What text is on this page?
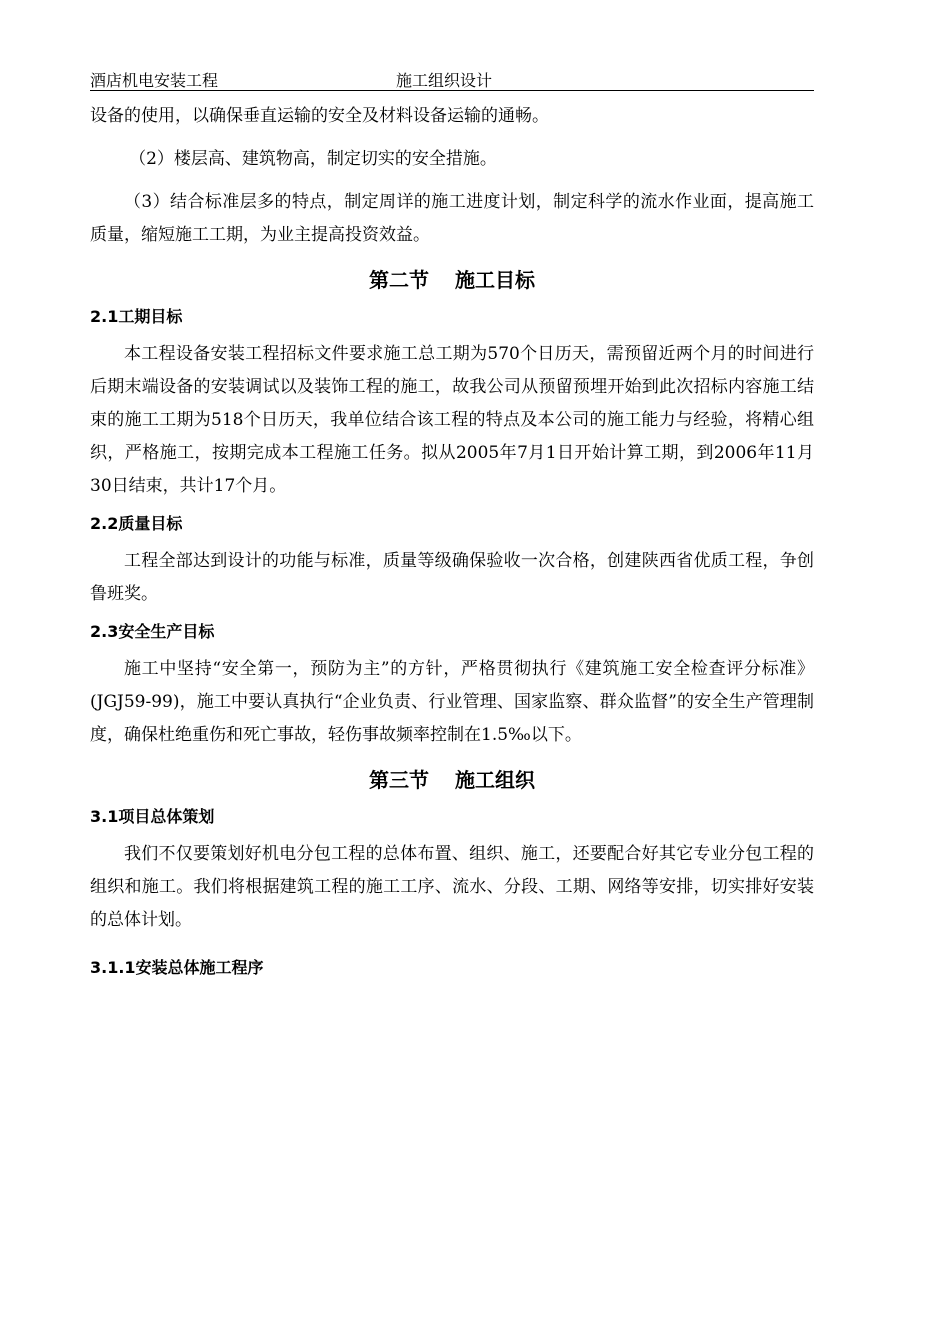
酒店机电安装工程	施工组织设计

设备的使用，以确保垂直运输的安全及材料设备运输的通畅。

（2）楼层高、建筑物高，制定切实的安全措施。

（3）结合标准层多的特点，制定周详的施工进度计划，制定科学的流水作业面，提高施工质量，缩短施工工期，为业主提高投资效益。

第二节 施工目标
2.1工期目标

本工程设备安装工程招标文件要求施工总工期为570个日历天，需预留近两个月的时间进行后期末端设备的安装调试以及装饰工程的施工，故我公司从预留预埋开始到此次招标内容施工结束的施工工期为518个日历天，我单位结合该工程的特点及本公司的施工能力与经验，将精心组织，严格施工，按期完成本工程施工任务。拟从2005年7月1日开始计算工期，到2006年11月30日结束，共计17个月。

2.2质量目标

工程全部达到设计的功能与标准，质量等级确保验收一次合格，创建陕西省优质工程，争创鲁班奖。

2.3安全生产目标

施工中坚持“安全第一，预防为主”的方针，严格贯彻执行《建筑施工安全检查评分标准》(JGJ59-99)，施工中要认真执行“企业负责、行业管理、国家监察、群众监督”的安全生产管理制度，确保杜绝重伤和死亡事故，轻伤事故频率控制在1.5‰以下。

第三节 施工组织
3.1项目总体策划

我们不仅要策划好机电分包工程的总体布置、组织、施工，还要配合好其它专业分包工程的组织和施工。我们将根据建筑工程的施工工序、流水、分段、工期、网络等安排，切实排好安装的总体计划。

3.1.1安装总体施工程序
